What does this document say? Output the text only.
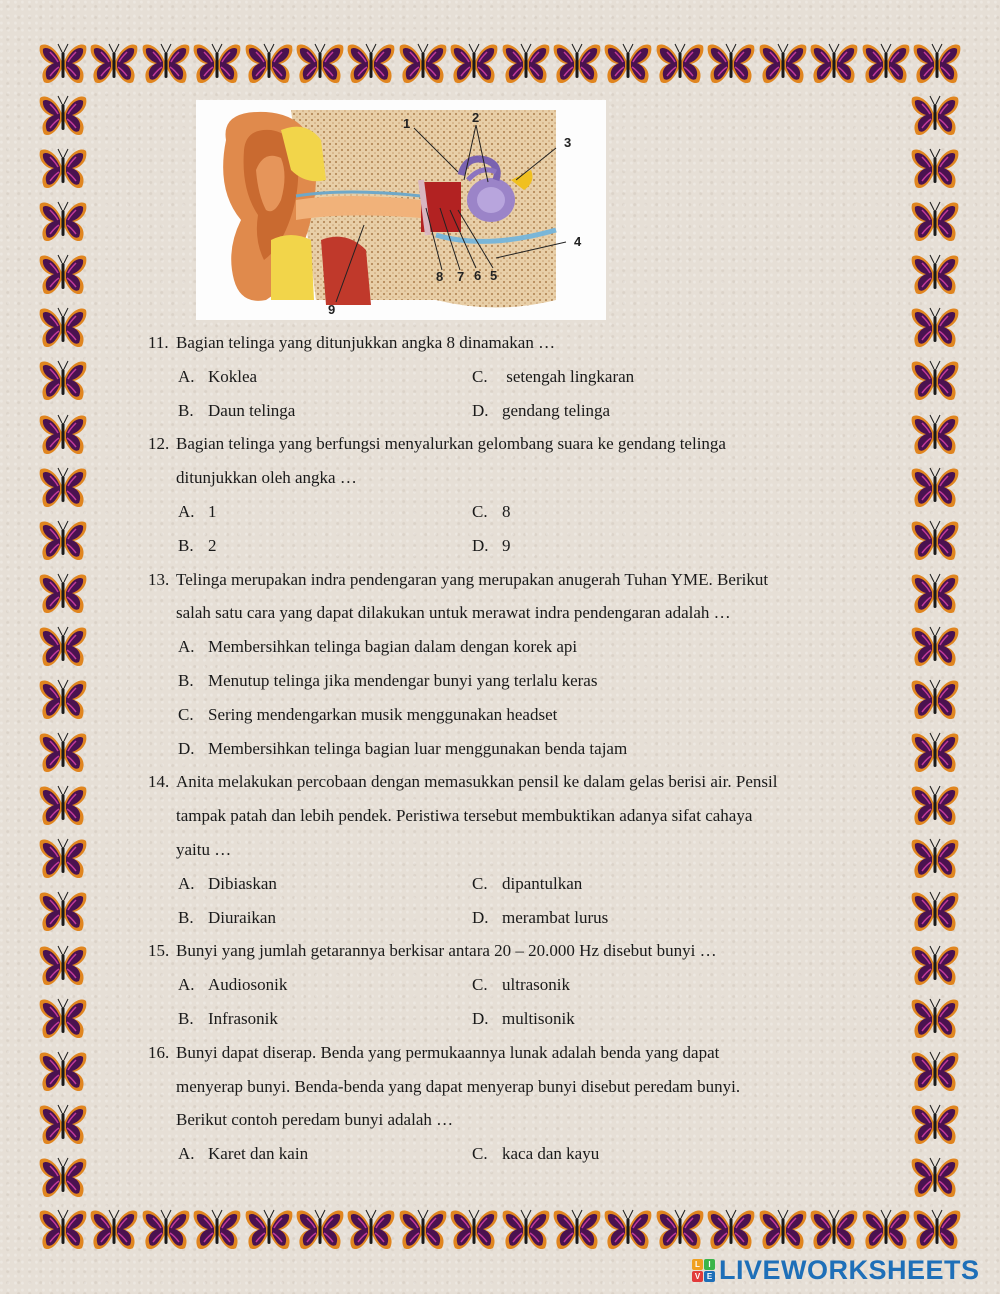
1	2
3
4
5
6
7
8
9
11. Bagian telinga yang ditunjukkan angka 8 dinamakan …
A. Koklea	C. setengah lingkaran
B. Daun telinga	D. gendang telinga
12. Bagian telinga yang berfungsi menyalurkan gelombang suara ke gendang telinga
ditunjukkan oleh angka …
A. 1	C. 8
B. 2	D. 9
13. Telinga merupakan indra pendengaran yang merupakan anugerah Tuhan YME. Berikut
salah satu cara yang dapat dilakukan untuk merawat indra pendengaran adalah …
A. Membersihkan telinga bagian dalam dengan korek api
B. Menutup telinga jika mendengar bunyi yang terlalu keras
C. Sering mendengarkan musik menggunakan headset
D. Membersihkan telinga bagian luar menggunakan benda tajam
14. Anita melakukan percobaan dengan memasukkan pensil ke dalam gelas berisi air. Pensil
tampak patah dan lebih pendek. Peristiwa tersebut membuktikan adanya sifat cahaya
yaitu …
A. Dibiaskan	C. dipantulkan
B. Diuraikan	D. merambat lurus
15. Bunyi yang jumlah getarannya berkisar antara 20 – 20.000 Hz disebut bunyi …
A. Audiosonik	C. ultrasonik
B. Infrasonik	D. multisonik
16. Bunyi dapat diserap. Benda yang permukaannya lunak adalah benda yang dapat
menyerap bunyi. Benda-benda yang dapat menyerap bunyi disebut peredam bunyi.
Berikut contoh peredam bunyi adalah …
A. Karet dan kain	C. kaca dan kayu
L	I
V E LIVEWORKSHEETS
